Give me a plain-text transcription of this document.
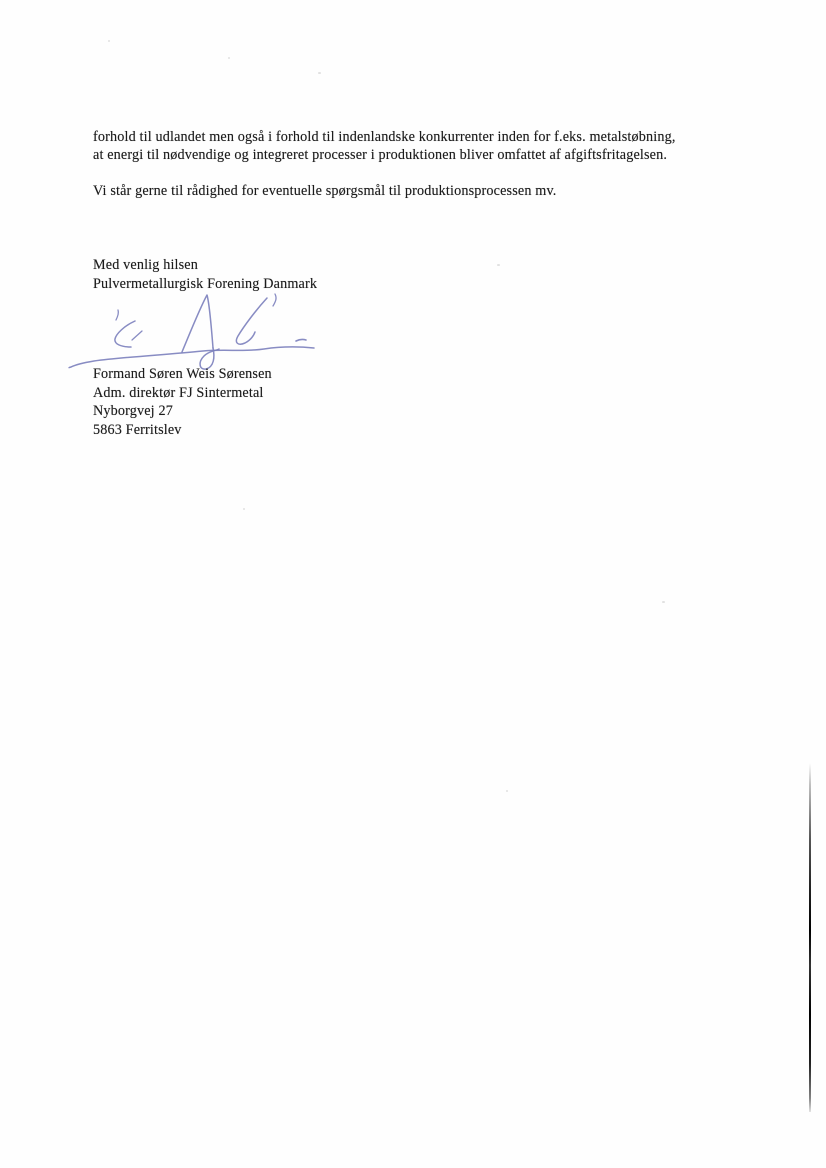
forhold til udlandet men også i forhold til indenlandske konkurrenter inden for f.eks. metalstøbning,
at energi til nødvendige og integreret processer i produktionen bliver omfattet af afgiftsfritagelsen.
Vi står gerne til rådighed for eventuelle spørgsmål til produktionsprocessen mv.
Med venlig hilsen
Pulvermetallurgisk Forening Danmark
Formand Søren Weis Sørensen
Adm. direktør FJ Sintermetal
Nyborgvej 27
5863 Ferritslev
